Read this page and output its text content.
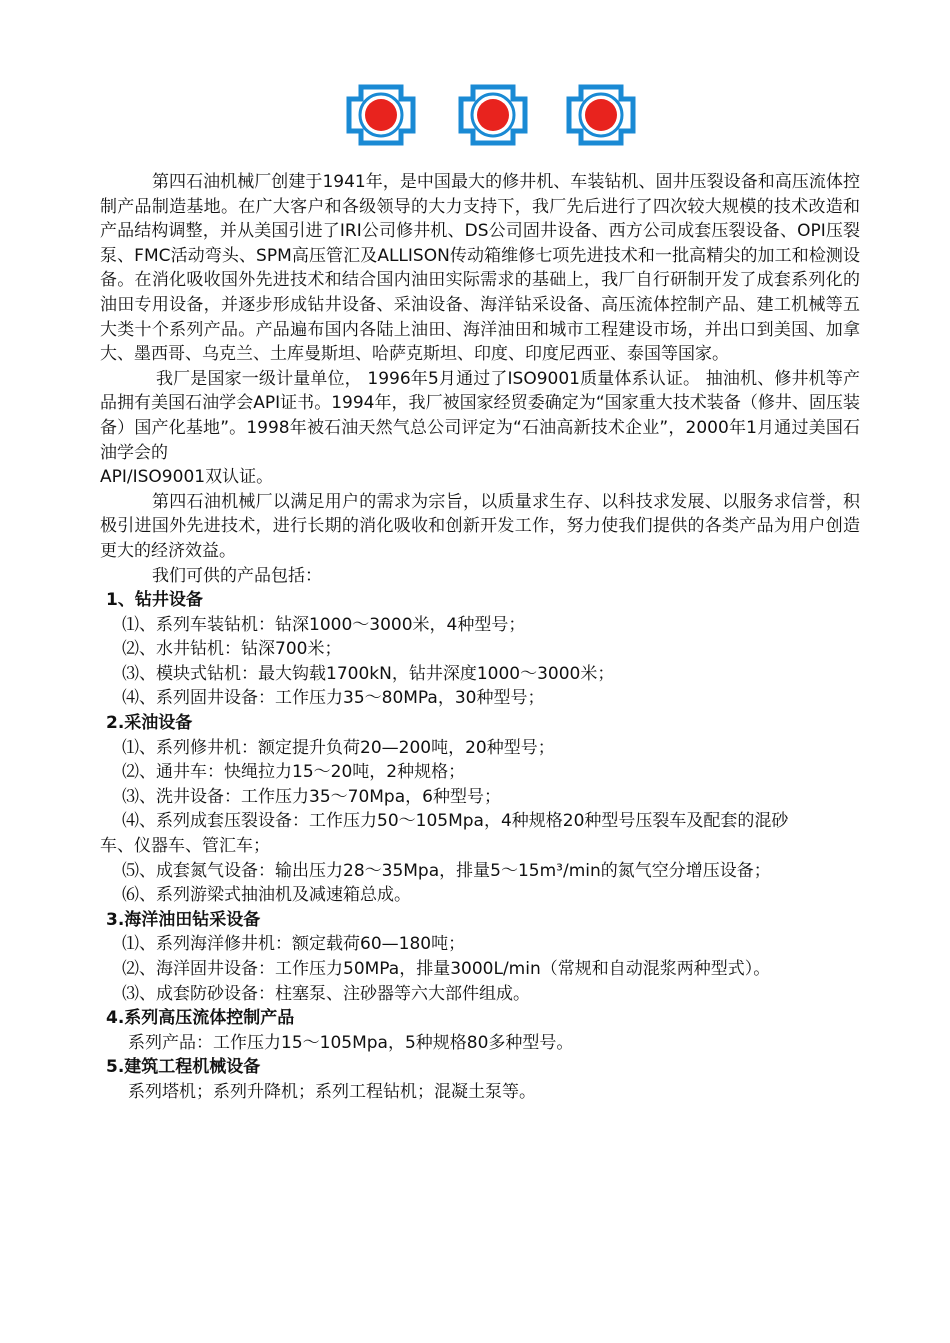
第四石油机械厂创建于1941年，是中国最大的修井机、车装钻机、固井压裂设备和高压流体控制产品制造基地。在广大客户和各级领导的大力支持下，我厂先后进行了四次较大规模的技术改造和产品结构调整，并从美国引进了IRI公司修井机、DS公司固井设备、西方公司成套压裂设备、OPI压裂泵、FMC活动弯头、SPM高压管汇及ALLISON传动箱维修七项先进技术和一批高精尖的加工和检测设备。在消化吸收国外先进技术和结合国内油田实际需求的基础上，我厂自行研制开发了成套系列化的油田专用设备，并逐步形成钻井设备、采油设备、海洋钻采设备、高压流体控制产品、建工机械等五大类十个系列产品。产品遍布国内各陆上油田、海洋油田和城市工程建设市场，并出口到美国、加拿大、墨西哥、乌克兰、土库曼斯坦、哈萨克斯坦、印度、印度尼西亚、泰国等国家。

我厂是国家一级计量单位， 1996年5月通过了ISO9001质量体系认证。 抽油机、修井机等产品拥有美国石油学会API证书。1994年，我厂被国家经贸委确定为“国家重大技术装备（修井、固压装备）国产化基地”。1998年被石油天然气总公司评定为“石油高新技术企业”，2000年1月通过美国石油学会的

API/ISO9001双认证。

第四石油机械厂以满足用户的需求为宗旨，以质量求生存、以科技求发展、以服务求信誉，积极引进国外先进技术，进行长期的消化吸收和创新开发工作，努力使我们提供的各类产品为用户创造更大的经济效益。

我们可供的产品包括：

1、钻井设备

⑴、系列车装钻机：钻深1000～3000米，4种型号；

⑵、水井钻机：钻深700米；

⑶、模块式钻机：最大钩载1700kN，钻井深度1000～3000米；

⑷、系列固井设备：工作压力35～80MPa，30种型号；

2.采油设备

⑴、系列修井机：额定提升负荷20—200吨，20种型号；

⑵、通井车：快绳拉力15～20吨，2种规格；

⑶、洗井设备：工作压力35～70Mpa，6种型号；

⑷、系列成套压裂设备：工作压力50～105Mpa，4种规格20种型号压裂车及配套的混砂

车、仪器车、管汇车；

⑸、成套氮气设备：输出压力28～35Mpa，排量5～15m³/min的氮气空分增压设备；

⑹、系列游梁式抽油机及减速箱总成。

3.海洋油田钻采设备

⑴、系列海洋修井机：额定载荷60—180吨；

⑵、海洋固井设备：工作压力50MPa，排量3000L/min（常规和自动混浆两种型式）。

⑶、成套防砂设备：柱塞泵、注砂器等六大部件组成。

4.系列高压流体控制产品

系列产品：工作压力15～105Mpa，5种规格80多种型号。

5.建筑工程机械设备

系列塔机；系列升降机；系列工程钻机；混凝土泵等。
